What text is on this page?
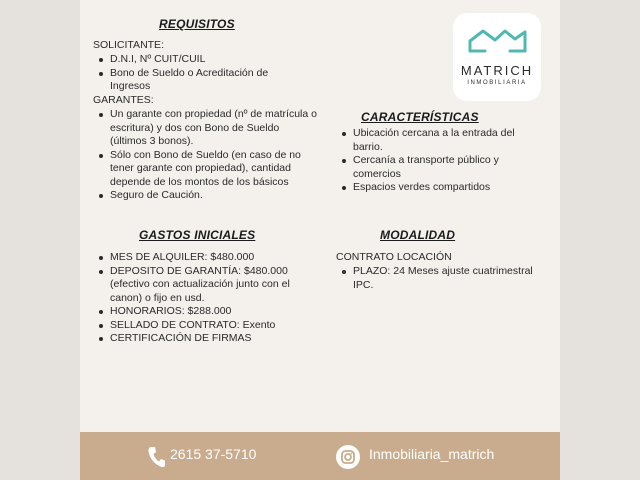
MATRICH
INMOBILIARIA
REQUISITOS
SOLICITANTE:
D.N.I, Nº CUIT/CUIL
Bono de Sueldo o Acreditación de Ingresos
GARANTES:
Un garante con propiedad (nº de matrícula o escritura) y dos con Bono de Sueldo (últimos 3 bonos).
Sólo con Bono de Sueldo (en caso de no tener garante con propiedad), cantidad depende de los montos de los básicos
Seguro de Caución.
CARACTERÍSTICAS
Ubicación cercana a la entrada del barrio.
Cercanía a transporte público y comercios
Espacios verdes compartidos
GASTOS INICIALES
MES DE ALQUILER: $480.000
DEPOSITO DE GARANTÍA: $480.000 (efectivo con actualización junto con el canon) o fijo en usd.
HONORARIOS: $288.000
SELLADO DE CONTRATO: Exento
CERTIFICACIÓN DE FIRMAS
MODALIDAD
CONTRATO LOCACIÓN
PLAZO: 24 Meses ajuste cuatrimestral IPC.
2615 37-5710	Inmobiliaria_matrich
